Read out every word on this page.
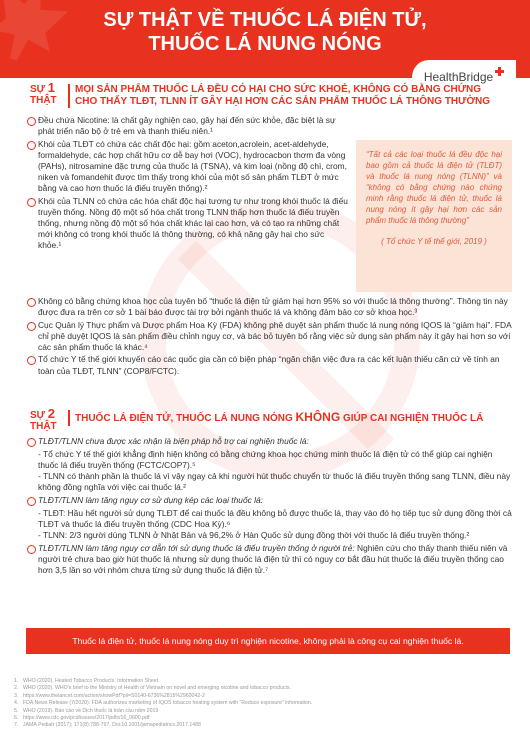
SỰ THẬT VỀ THUỐC LÁ ĐIỆN TỬ,
THUỐC LÁ NUNG NÓNG
HealthBridge
SỰ 1
THẬT
MỌI SẢN PHẨM THUỐC LÁ ĐỀU CÓ HẠI CHO SỨC KHOẺ, KHÔNG CÓ BẰNG CHỨNG
CHO THẤY TLĐT, TLNN ÍT GÂY HẠI HƠN CÁC SẢN PHẨM THUỐC LÁ THÔNG THƯỜNG
Đều chứa Nicotine: là chất gây nghiện cao, gây hại đến sức khỏe, đặc biệt là sự phát triển não bộ ở trẻ em và thanh thiếu niên.¹
Khói của TLĐT có chứa các chất độc hại: gồm aceton,acrolein, acet-aldehyde, formaldehyde, các hợp chất hữu cơ dễ bay hơi (VOC), hydrocacbon thơm đa vòng (PAHs), nitrosamine đặc trưng của thuốc lá (TSNA), và kim loại (nồng độ chì, crom, niken và fomandehit được tìm thấy trong khói của một số sản phẩm TLĐT ở mức bằng và cao hơn thuốc lá điếu truyền thống).²
Khói của TLNN có chứa các hóa chất độc hại tương tự như trong khói thuốc lá điếu truyền thống. Nồng độ một số hóa chất trong TLNN thấp hơn thuốc lá điếu truyền thống, nhưng nồng độ một số hóa chất khác lại cao hơn, và có tạo ra những chất mới không có trong khói thuốc lá thông thường, có khả năng gây hại cho sức khỏe.¹
Không có bằng chứng khoa học của tuyên bố “thuốc lá điện tử giảm hại hơn 95% so với thuốc lá thông thường”. Thông tin này được đưa ra trên cơ sở 1 bài báo được tài trợ bởi ngành thuốc lá và không đảm bảo cơ sở khoa học.³
Cục Quản lý Thực phẩm và Dược phẩm Hoa Kỳ (FDA) không phê duyệt sản phẩm thuốc lá nung nóng IQOS là “giảm hại”. FDA chỉ phê duyệt IQOS là sản phẩm điều chỉnh nguy cơ, và bác bỏ tuyên bố rằng việc sử dụng sản phẩm này ít gây hại hơn so với các sản phẩm thuốc lá khác.⁴
Tổ chức Y tế thế giới khuyến cáo các quốc gia cần có biện pháp “ngăn chặn việc đưa ra các kết luận thiếu căn cứ về tính an toàn của TLĐT, TLNN” (COP8/FCTC).
“Tất cả các loại thuốc lá đều độc hại bao gồm cả thuốc lá điện tử (TLĐT) và thuốc lá nung nóng (TLNN)” và “không có bằng chứng nào chứng minh rằng thuốc lá điện tử, thuốc lá nung nóng ít gây hại hơn các sản phẩm thuốc lá thông thường”
( Tổ chức Y tế thế giới, 2019 )
SỰ 2
THẬT
THUỐC LÁ ĐIỆN TỬ, THUỐC LÁ NUNG NÓNG KHÔNG GIÚP CAI NGHIỆN THUỐC LÁ
TLĐT/TLNN chưa được xác nhận là biện pháp hỗ trợ cai nghiện thuốc lá:
- Tổ chức Y tế thế giới khẳng định hiện không có bằng chứng khoa học chứng minh thuốc lá điện tử có thể giúp cai nghiện thuốc lá điếu truyền thống (FCTC/COP7).⁵
- TLNN có thành phần là thuốc lá vì vậy ngay cả khi người hút thuốc chuyển từ thuốc lá điếu truyền thống sang TLNN, điều này không đồng nghĩa với việc cai thuốc lá.²
TLĐT/TLNN làm tăng nguy cơ sử dụng kép các loại thuốc lá:
- TLĐT: Hầu hết người sử dụng TLĐT để cai thuốc lá đều không bỏ được thuốc lá, thay vào đó họ tiếp tục sử dụng đồng thời cả TLĐT và thuốc lá điếu truyền thống (CDC Hoa Kỳ).⁶
- TLNN: 2/3 người dùng TLNN ở Nhật Bản và 96,2% ở Hàn Quốc sử dụng đồng thời với thuốc lá điếu truyền thống.²
TLĐT/TLNN làm tăng nguy cơ dẫn tới sử dụng thuốc lá điếu truyền thống ở người trẻ: Nghiên cứu cho thấy thanh thiếu niên và người trẻ chưa bao giờ hút thuốc lá nhưng sử dụng thuốc lá điện tử thì có nguy cơ bắt đầu hút thuốc lá điếu truyền thống cao hơn 3,5 lần so với nhóm chưa từng sử dụng thuốc lá điện tử.⁷
Thuốc lá điện tử, thuốc lá nung nóng duy trì nghiện nicotine, không phải là công cụ cai nghiện thuốc lá.
1. WHO (2020). Heated Tobacco Products. Information Sheet.
2. WHO (2020). WHO’s brief to the Ministry of Health of Vietnam on novel and emerging nicotine and tobacco products.
3. https://www.thelancet.com/action/showPdf?pii=S0140-6736%2815%2960042-2
4. FDA News Release (7/2020). FDA authorizes marketing of IQOS tobacco heating system with “Reduce exposure” information.
5. WHO (2019). Báo cáo về Dịch thuốc lá toàn cầu năm 2019
6. https://www.cdc.gov/pcd/issues/2017/pdfs/16_0600.pdf
7. JAMA Pediatr (2017); 171(8):788-797. Doi:10.1001/jamapediatrics.2017.1488
